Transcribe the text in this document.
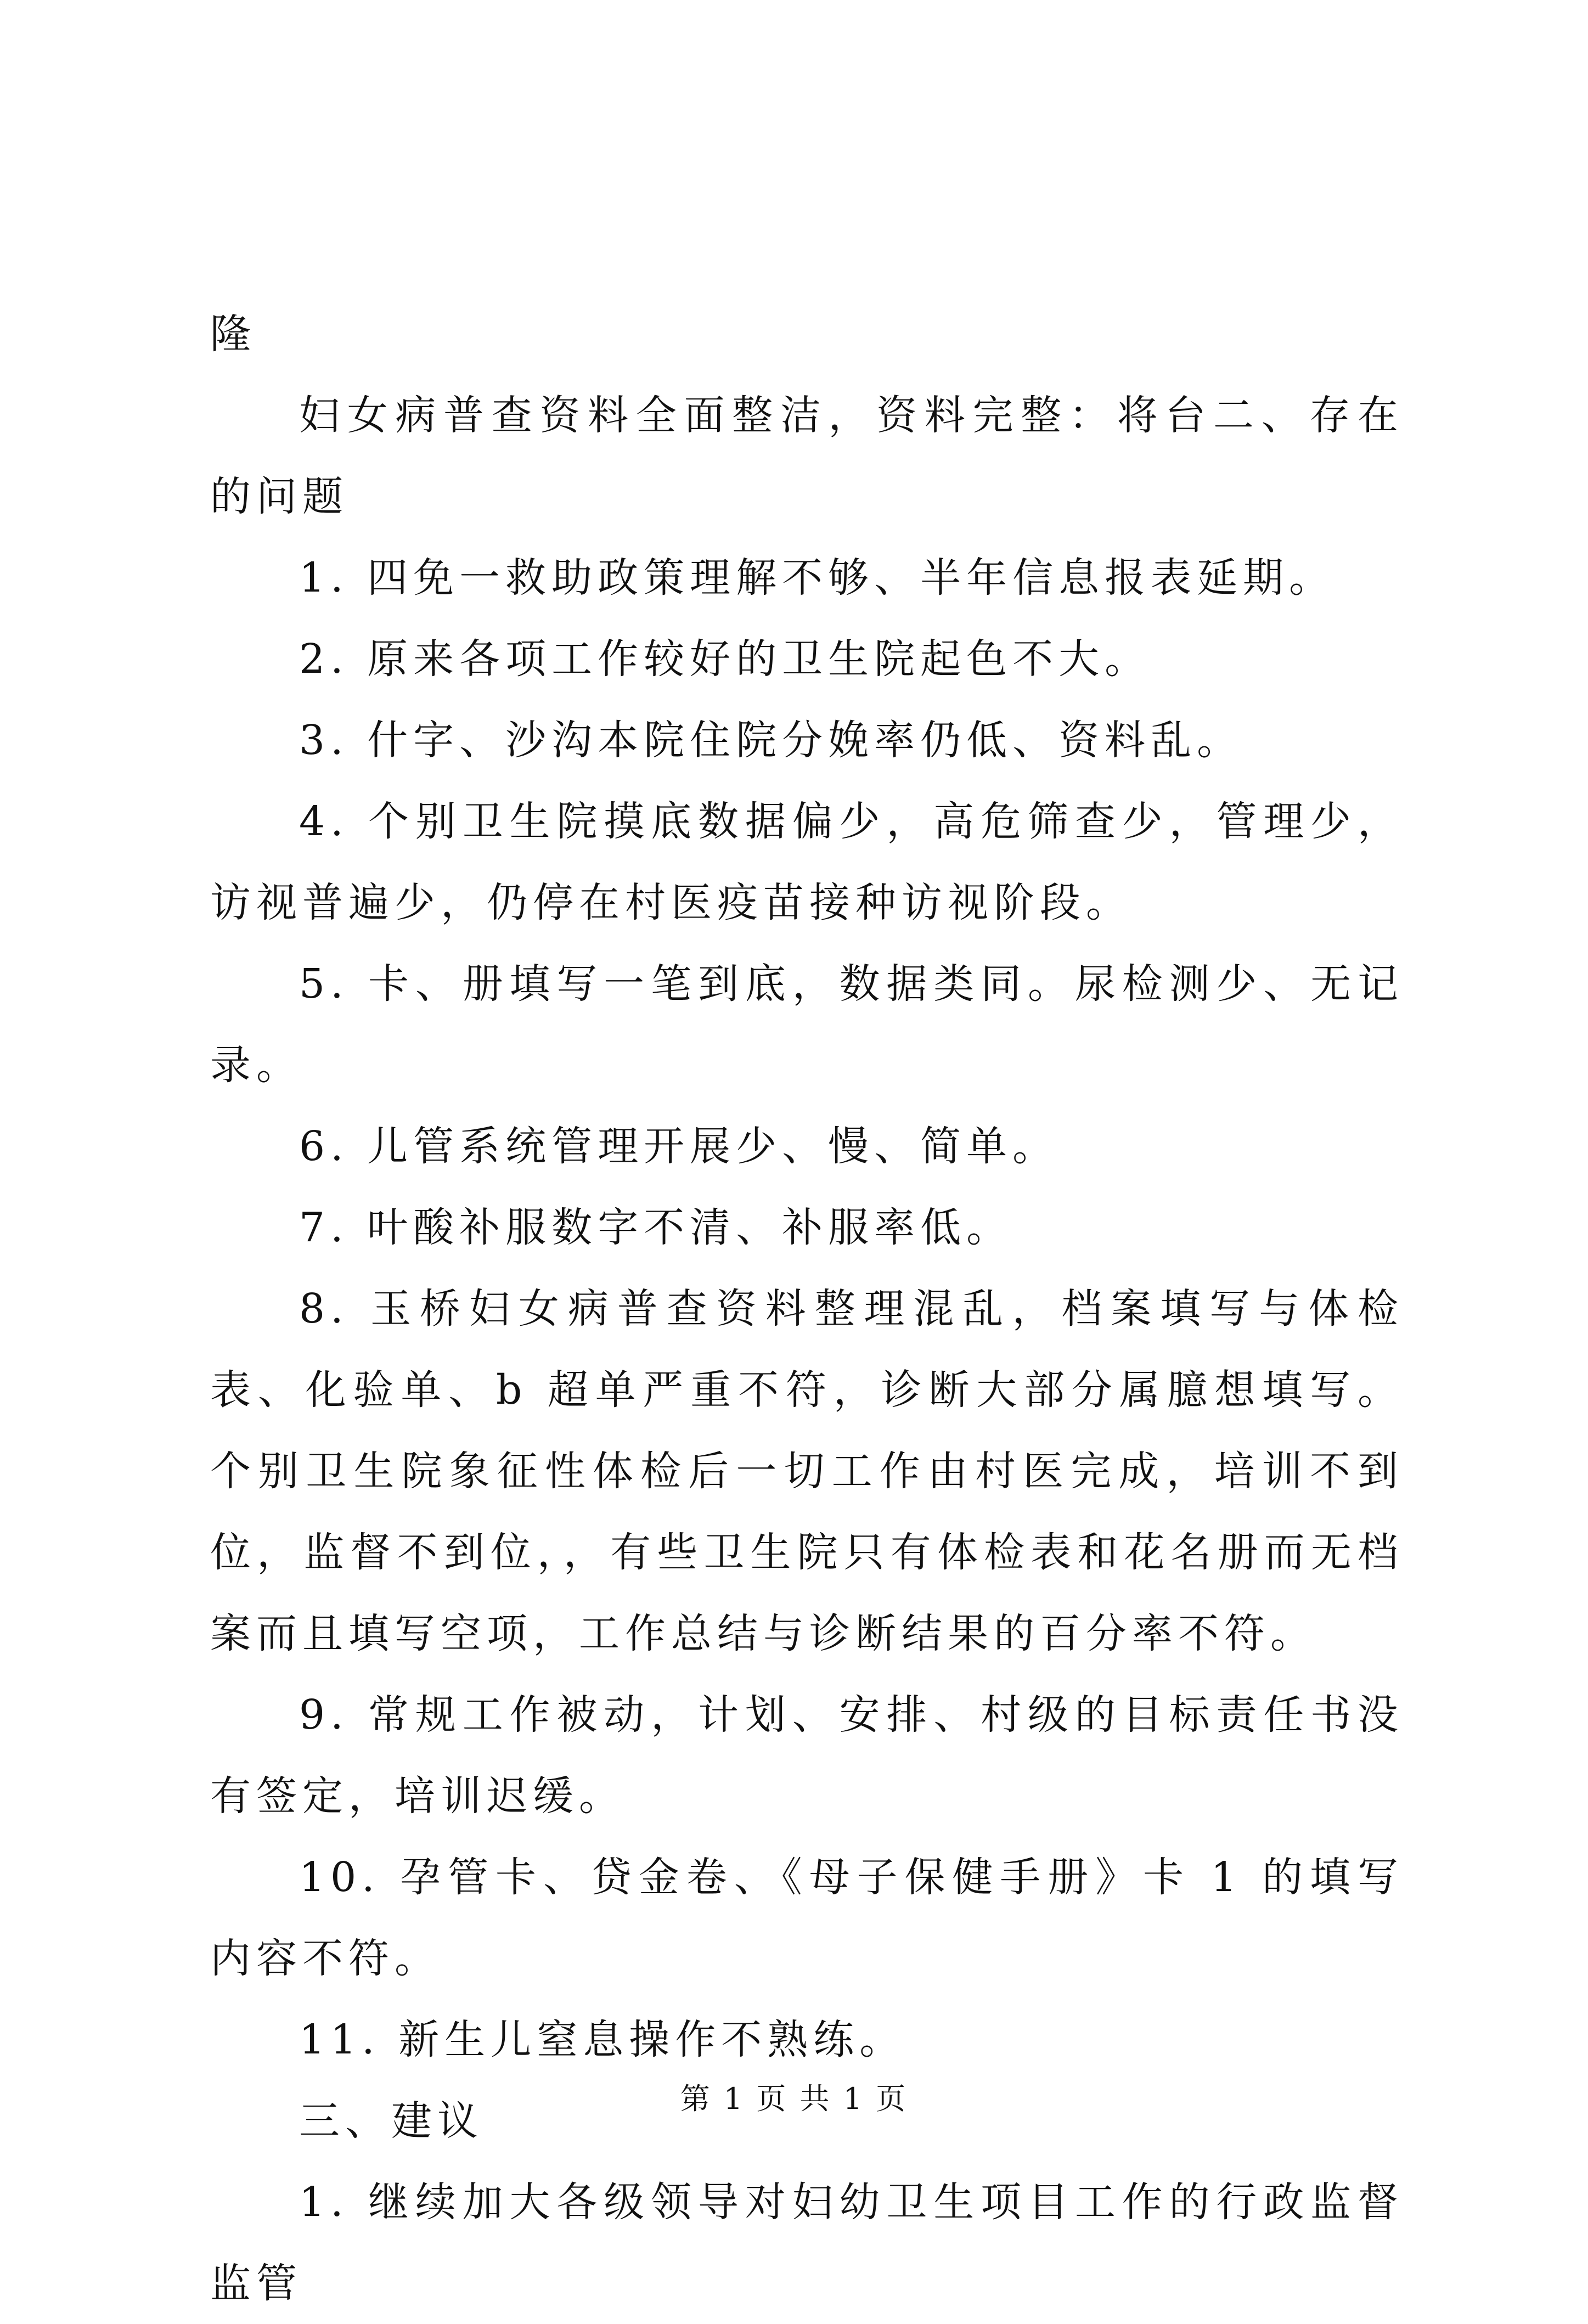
隆

妇女病普查资料全面整洁，资料完整：将台二、存在的问题

1. 四免一救助政策理解不够、半年信息报表延期。

2. 原来各项工作较好的卫生院起色不大。

3. 什字、沙沟本院住院分娩率仍低、资料乱。

4. 个别卫生院摸底数据偏少，高危筛查少，管理少，访视普遍少，仍停在村医疫苗接种访视阶段。

5. 卡、册填写一笔到底，数据类同。尿检测少、无记录。

6. 儿管系统管理开展少、慢、简单。

7. 叶酸补服数字不清、补服率低。

8. 玉桥妇女病普查资料整理混乱，档案填写与体检表、化验单、b 超单严重不符，诊断大部分属臆想填写。个别卫生院象征性体检后一切工作由村医完成，培训不到位，监督不到位，，有些卫生院只有体检表和花名册而无档案而且填写空项，工作总结与诊断结果的百分率不符。

9. 常规工作被动，计划、安排、村级的目标责任书没有签定，培训迟缓。

10. 孕管卡、贷金卷、《母子保健手册》卡 1 的填写内容不符。

11. 新生儿窒息操作不熟练。

三、建议

1. 继续加大各级领导对妇幼卫生项目工作的行政监督监管

第 1 页 共 1 页
